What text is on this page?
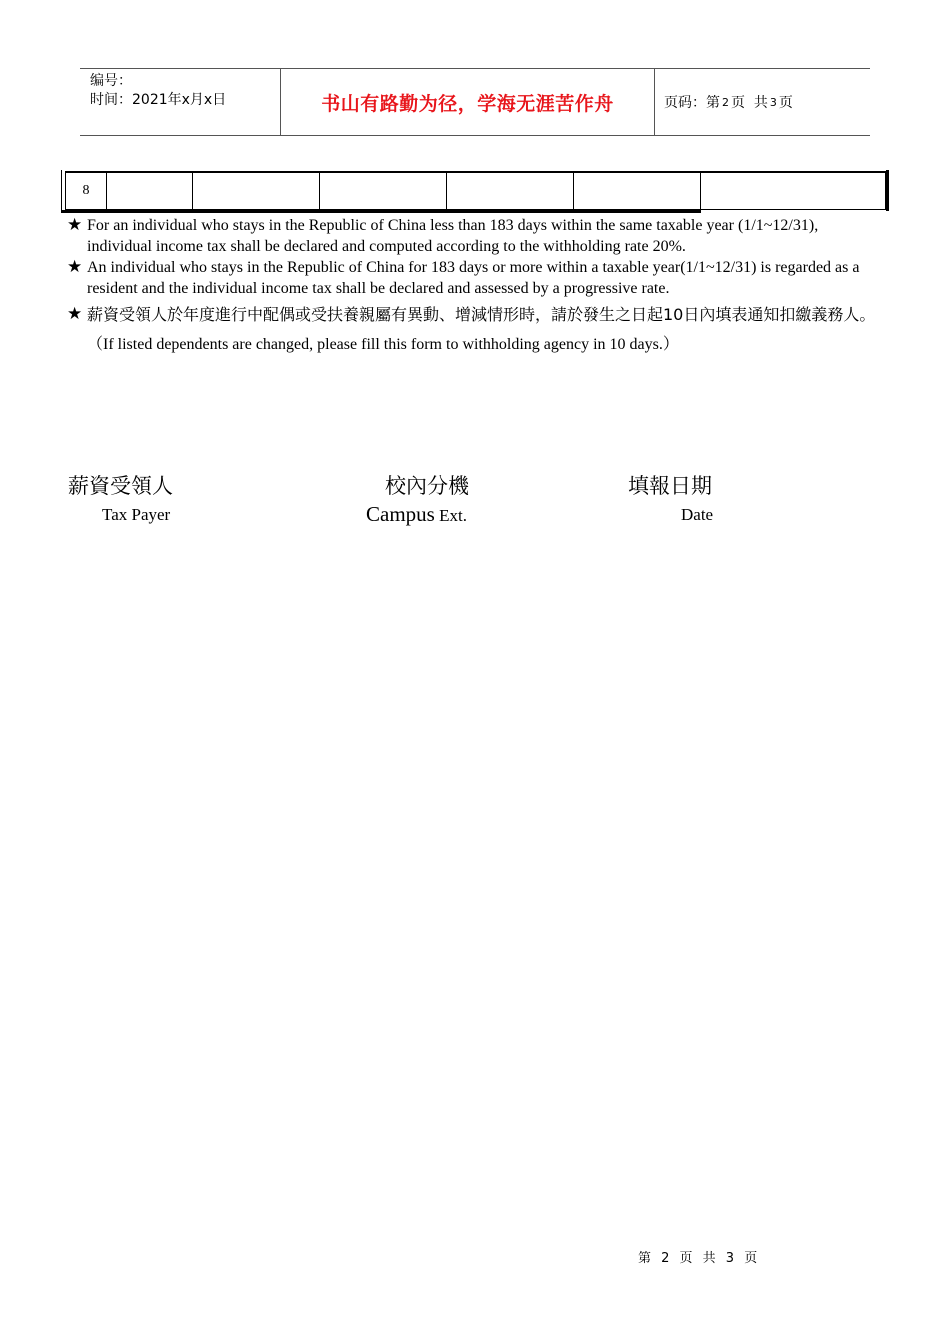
编号：
时间：2021年x月x日	书山有路勤为径，学海无涯苦作舟	页码：第 2 页  共 3 页
8						
★ For an individual who stays in the Republic of China less than 183 days within the same taxable year (1/1~12/31), individual income tax shall be declared and computed according to the withholding rate 20%.
★ An individual who stays in the Republic of China for 183 days or more within a taxable year(1/1~12/31) is regarded as a resident and the individual income tax shall be declared and assessed by a progressive rate.
★ 薪資受領人於年度進行中配偶或受扶養親屬有異動、增減情形時，請於發生之日起10日內填表通知扣繳義務人。（If listed dependents are changed, please fill this form to withholding agency in 10 days.）
薪資受領人
Tax Payer
校內分機
Campus Ext.
填報日期
Date
第 2 页 共 3 页
